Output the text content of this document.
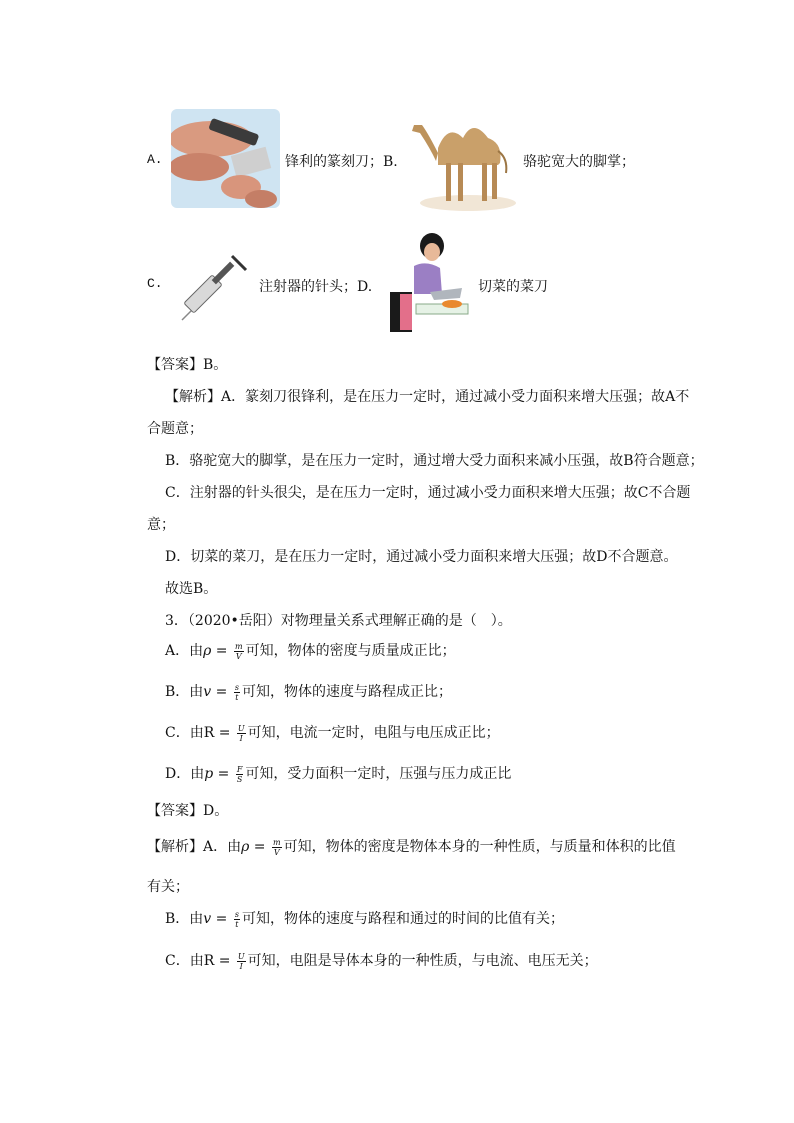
A.	锋利的篆刻刀；B.	骆驼宽大的脚掌；
C.	注射器的针头；D.	切菜的菜刀
【答案】B。
【解析】A．篆刻刀很锋利，是在压力一定时，通过减小受力面积来增大压强；故A不
合题意；
B．骆驼宽大的脚掌，是在压力一定时，通过增大受力面积来减小压强，故B符合题意；
C．注射器的针头很尖，是在压力一定时，通过减小受力面积来增大压强；故C不合题
意；
D．切菜的菜刀，是在压力一定时，通过减小受力面积来增大压强；故D不合题意。
故选B。
3．（2020•岳阳）对物理量关系式理解正确的是（　）。
A．由$\rho = \frac{m}{V}$ 可知，物体的密度与质量成正比；
B．由$v = \frac{s}{t}$ 可知，物体的速度与路程成正比；
C．由$R = \frac{U}{I}$ 可知，电流一定时，电阻与电压成正比；
D．由$p = \frac{F}{S}$ 可知，受力面积一定时，压强与压力成正比
【答案】D。
【解析】A．由$\rho = \frac{m}{V}$ 可知，物体的密度是物体本身的一种性质，与质量和体积的比值
有关；
B．由$v = \frac{s}{t}$ 可知，物体的速度与路程和通过的时间的比值有关；
C．由$R = \frac{U}{I}$ 可知，电阻是导体本身的一种性质，与电流、电压无关；
